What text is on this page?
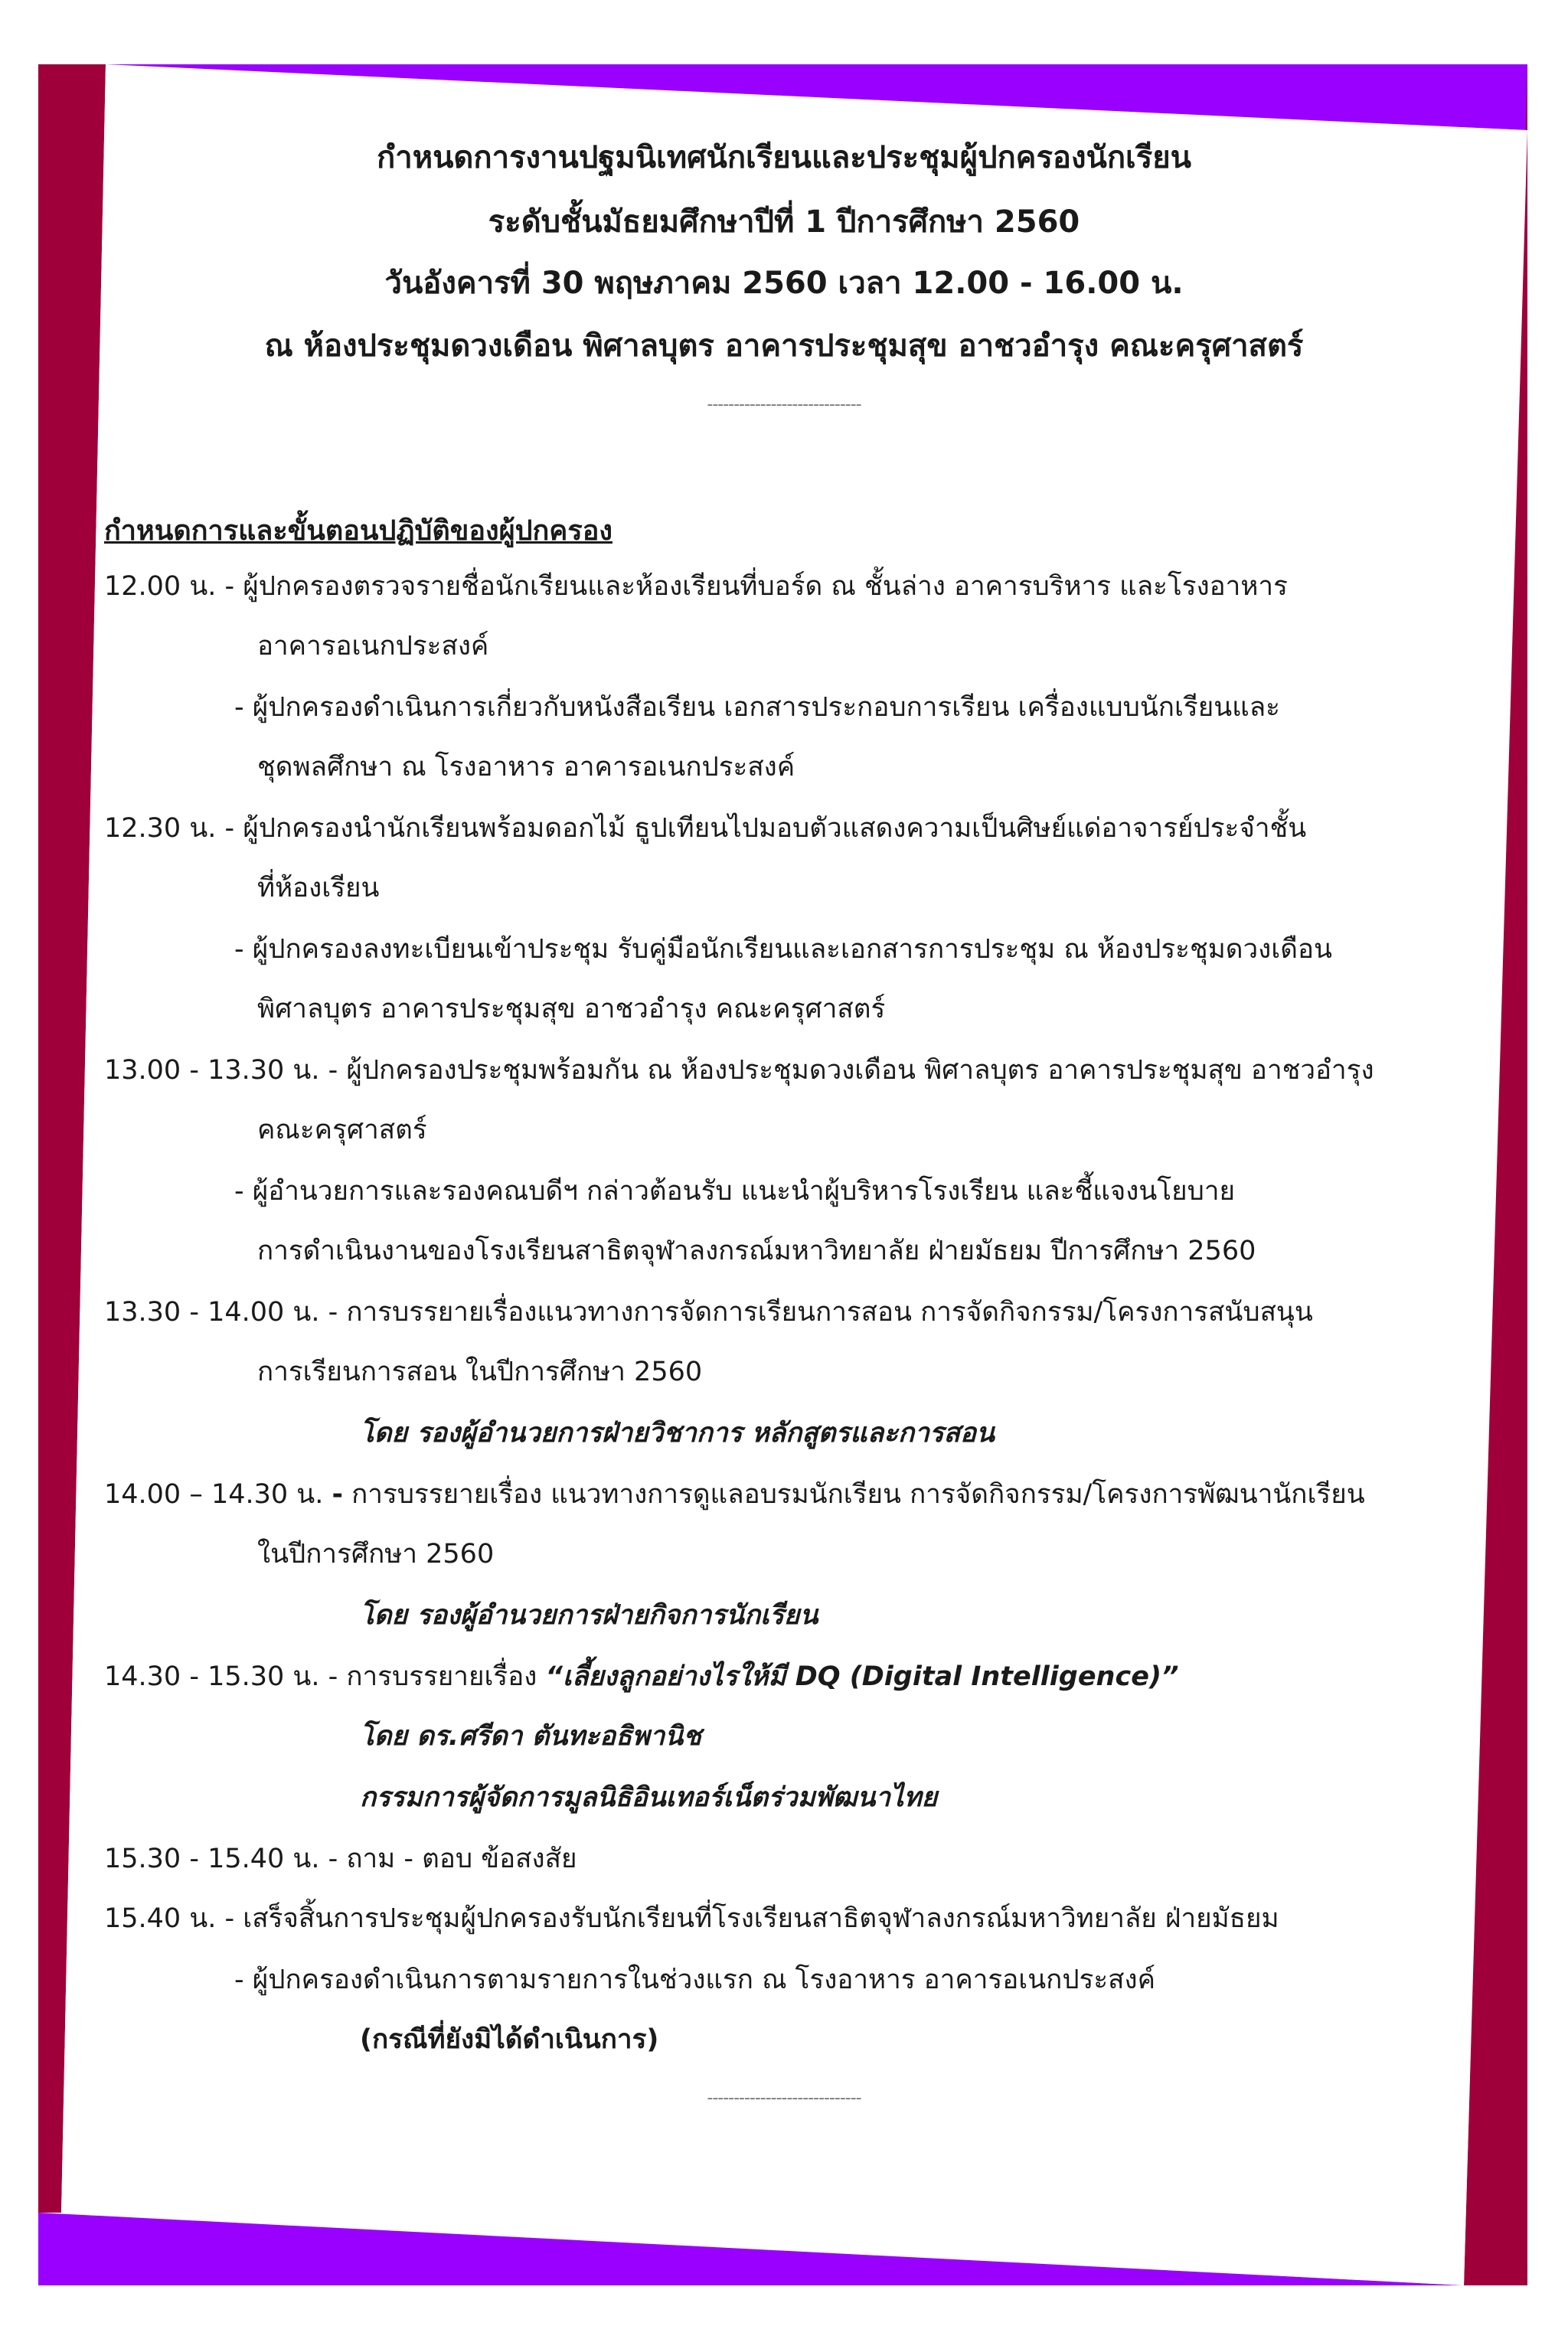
กำหนดการงานปฐมนิเทศนักเรียนและประชุมผู้ปกครองนักเรียน
ระดับชั้นมัธยมศึกษาปีที่ 1 ปีการศึกษา 2560
วันอังคารที่ 30 พฤษภาคม 2560 เวลา 12.00 - 16.00 น.
ณ ห้องประชุมดวงเดือน พิศาลบุตร อาคารประชุมสุข อาชวอำรุง คณะครุศาสตร์
-----------------------------
กำหนดการและขั้นตอนปฏิบัติของผู้ปกครอง
12.00 น. - ผู้ปกครองตรวจรายชื่อนักเรียนและห้องเรียนที่บอร์ด ณ ชั้นล่าง อาคารบริหาร และโรงอาหาร
อาคารอเนกประสงค์
- ผู้ปกครองดำเนินการเกี่ยวกับหนังสือเรียน เอกสารประกอบการเรียน เครื่องแบบนักเรียนและ
ชุดพลศึกษา ณ โรงอาหาร อาคารอเนกประสงค์
12.30 น. - ผู้ปกครองนำนักเรียนพร้อมดอกไม้ ธูปเทียนไปมอบตัวแสดงความเป็นศิษย์แด่อาจารย์ประจำชั้น
ที่ห้องเรียน
- ผู้ปกครองลงทะเบียนเข้าประชุม รับคู่มือนักเรียนและเอกสารการประชุม ณ ห้องประชุมดวงเดือน
พิศาลบุตร อาคารประชุมสุข อาชวอำรุง คณะครุศาสตร์
13.00 - 13.30 น. - ผู้ปกครองประชุมพร้อมกัน ณ ห้องประชุมดวงเดือน พิศาลบุตร อาคารประชุมสุข อาชวอำรุง
คณะครุศาสตร์
- ผู้อำนวยการและรองคณบดีฯ กล่าวต้อนรับ แนะนำผู้บริหารโรงเรียน และชี้แจงนโยบาย
การดำเนินงานของโรงเรียนสาธิตจุฬาลงกรณ์มหาวิทยาลัย ฝ่ายมัธยม ปีการศึกษา 2560
13.30 - 14.00 น. - การบรรยายเรื่องแนวทางการจัดการเรียนการสอน การจัดกิจกรรม/โครงการสนับสนุน
การเรียนการสอน ในปีการศึกษา 2560
โดย รองผู้อำนวยการฝ่ายวิชาการ หลักสูตรและการสอน
14.00 – 14.30 น. - การบรรยายเรื่อง แนวทางการดูแลอบรมนักเรียน การจัดกิจกรรม/โครงการพัฒนานักเรียน
ในปีการศึกษา 2560
โดย รองผู้อำนวยการฝ่ายกิจการนักเรียน
14.30 - 15.30 น. - การบรรยายเรื่อง “เลี้ยงลูกอย่างไรให้มี DQ (Digital Intelligence)”
โดย ดร.ศรีดา ตันทะอธิพานิช
กรรมการผู้จัดการมูลนิธิอินเทอร์เน็ตร่วมพัฒนาไทย
15.30 - 15.40 น. - ถาม - ตอบ ข้อสงสัย
15.40 น. - เสร็จสิ้นการประชุมผู้ปกครองรับนักเรียนที่โรงเรียนสาธิตจุฬาลงกรณ์มหาวิทยาลัย ฝ่ายมัธยม
- ผู้ปกครองดำเนินการตามรายการในช่วงแรก ณ โรงอาหาร อาคารอเนกประสงค์
(กรณีที่ยังมิได้ดำเนินการ)
-----------------------------
